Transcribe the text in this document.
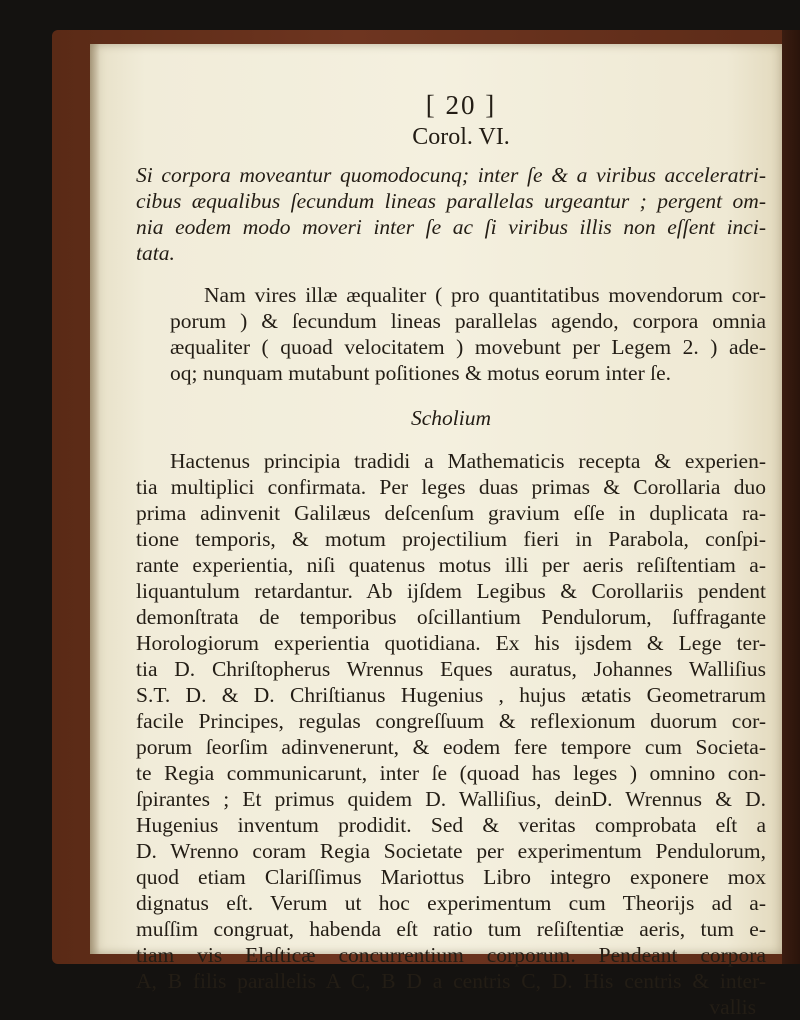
[ 20 ]
Corol. VI.

Si corpora moveantur quomodocunq; inter ſe & a viribus acceleratri-
cibus æqualibus ſecundum lineas parallelas urgeantur ; pergent om-
nia eodem modo moveri inter ſe ac ſi viribus illis non eſſent inci-
tata.

Nam vires illæ æqualiter ( pro quantitatibus movendorum cor-
porum ) & ſecundum lineas parallelas agendo, corpora omnia
æqualiter ( quoad velocitatem ) movebunt per Legem 2. ) ade-
oq; nunquam mutabunt poſitiones & motus eorum inter ſe.

Scholium

Hactenus principia tradidi a Mathematicis recepta & experien-
tia multiplici confirmata. Per leges duas primas & Corollaria duo
prima adinvenit Galilæus deſcenſum gravium eſſe in duplicata ra-
tione temporis, & motum projectilium fieri in Parabola, conſpi-
rante experientia, niſi quatenus motus illi per aeris reſiſtentiam a-
liquantulum retardantur. Ab ijſdem Legibus & Corollariis pendent
demonſtrata de temporibus oſcillantium Pendulorum, ſuffragante
Horologiorum experientia quotidiana. Ex his ijsdem & Lege ter-
tia D. Chriſtopherus Wrennus Eques auratus, Johannes Walliſius
S.T. D. & D. Chriſtianus Hugenius , hujus ætatis Geometrarum
facile Principes, regulas congreſſuum & reflexionum duorum cor-
porum ſeorſim adinvenerunt, & eodem fere tempore cum Societa-
te Regia communicarunt, inter ſe (quoad has leges ) omnino con-
ſpirantes ; Et primus quidem D. Walliſius, deinD. Wrennus & D.
Hugenius inventum prodidit. Sed & veritas comprobata eſt a
D. Wrenno coram Regia Societate per experimentum Pendulorum,
quod etiam Clariſſimus Mariottus Libro integro exponere mox
dignatus eſt. Verum ut hoc experimentum cum Theorijs ad a-
muſſim congruat, habenda eſt ratio tum reſiſtentiæ aeris, tum e-
tiam vis Elaſticæ concurrentium corporum. Pendeant corpora
A, B filis parallelis A C, B D a centris C, D. His centris & inter-

vallis
